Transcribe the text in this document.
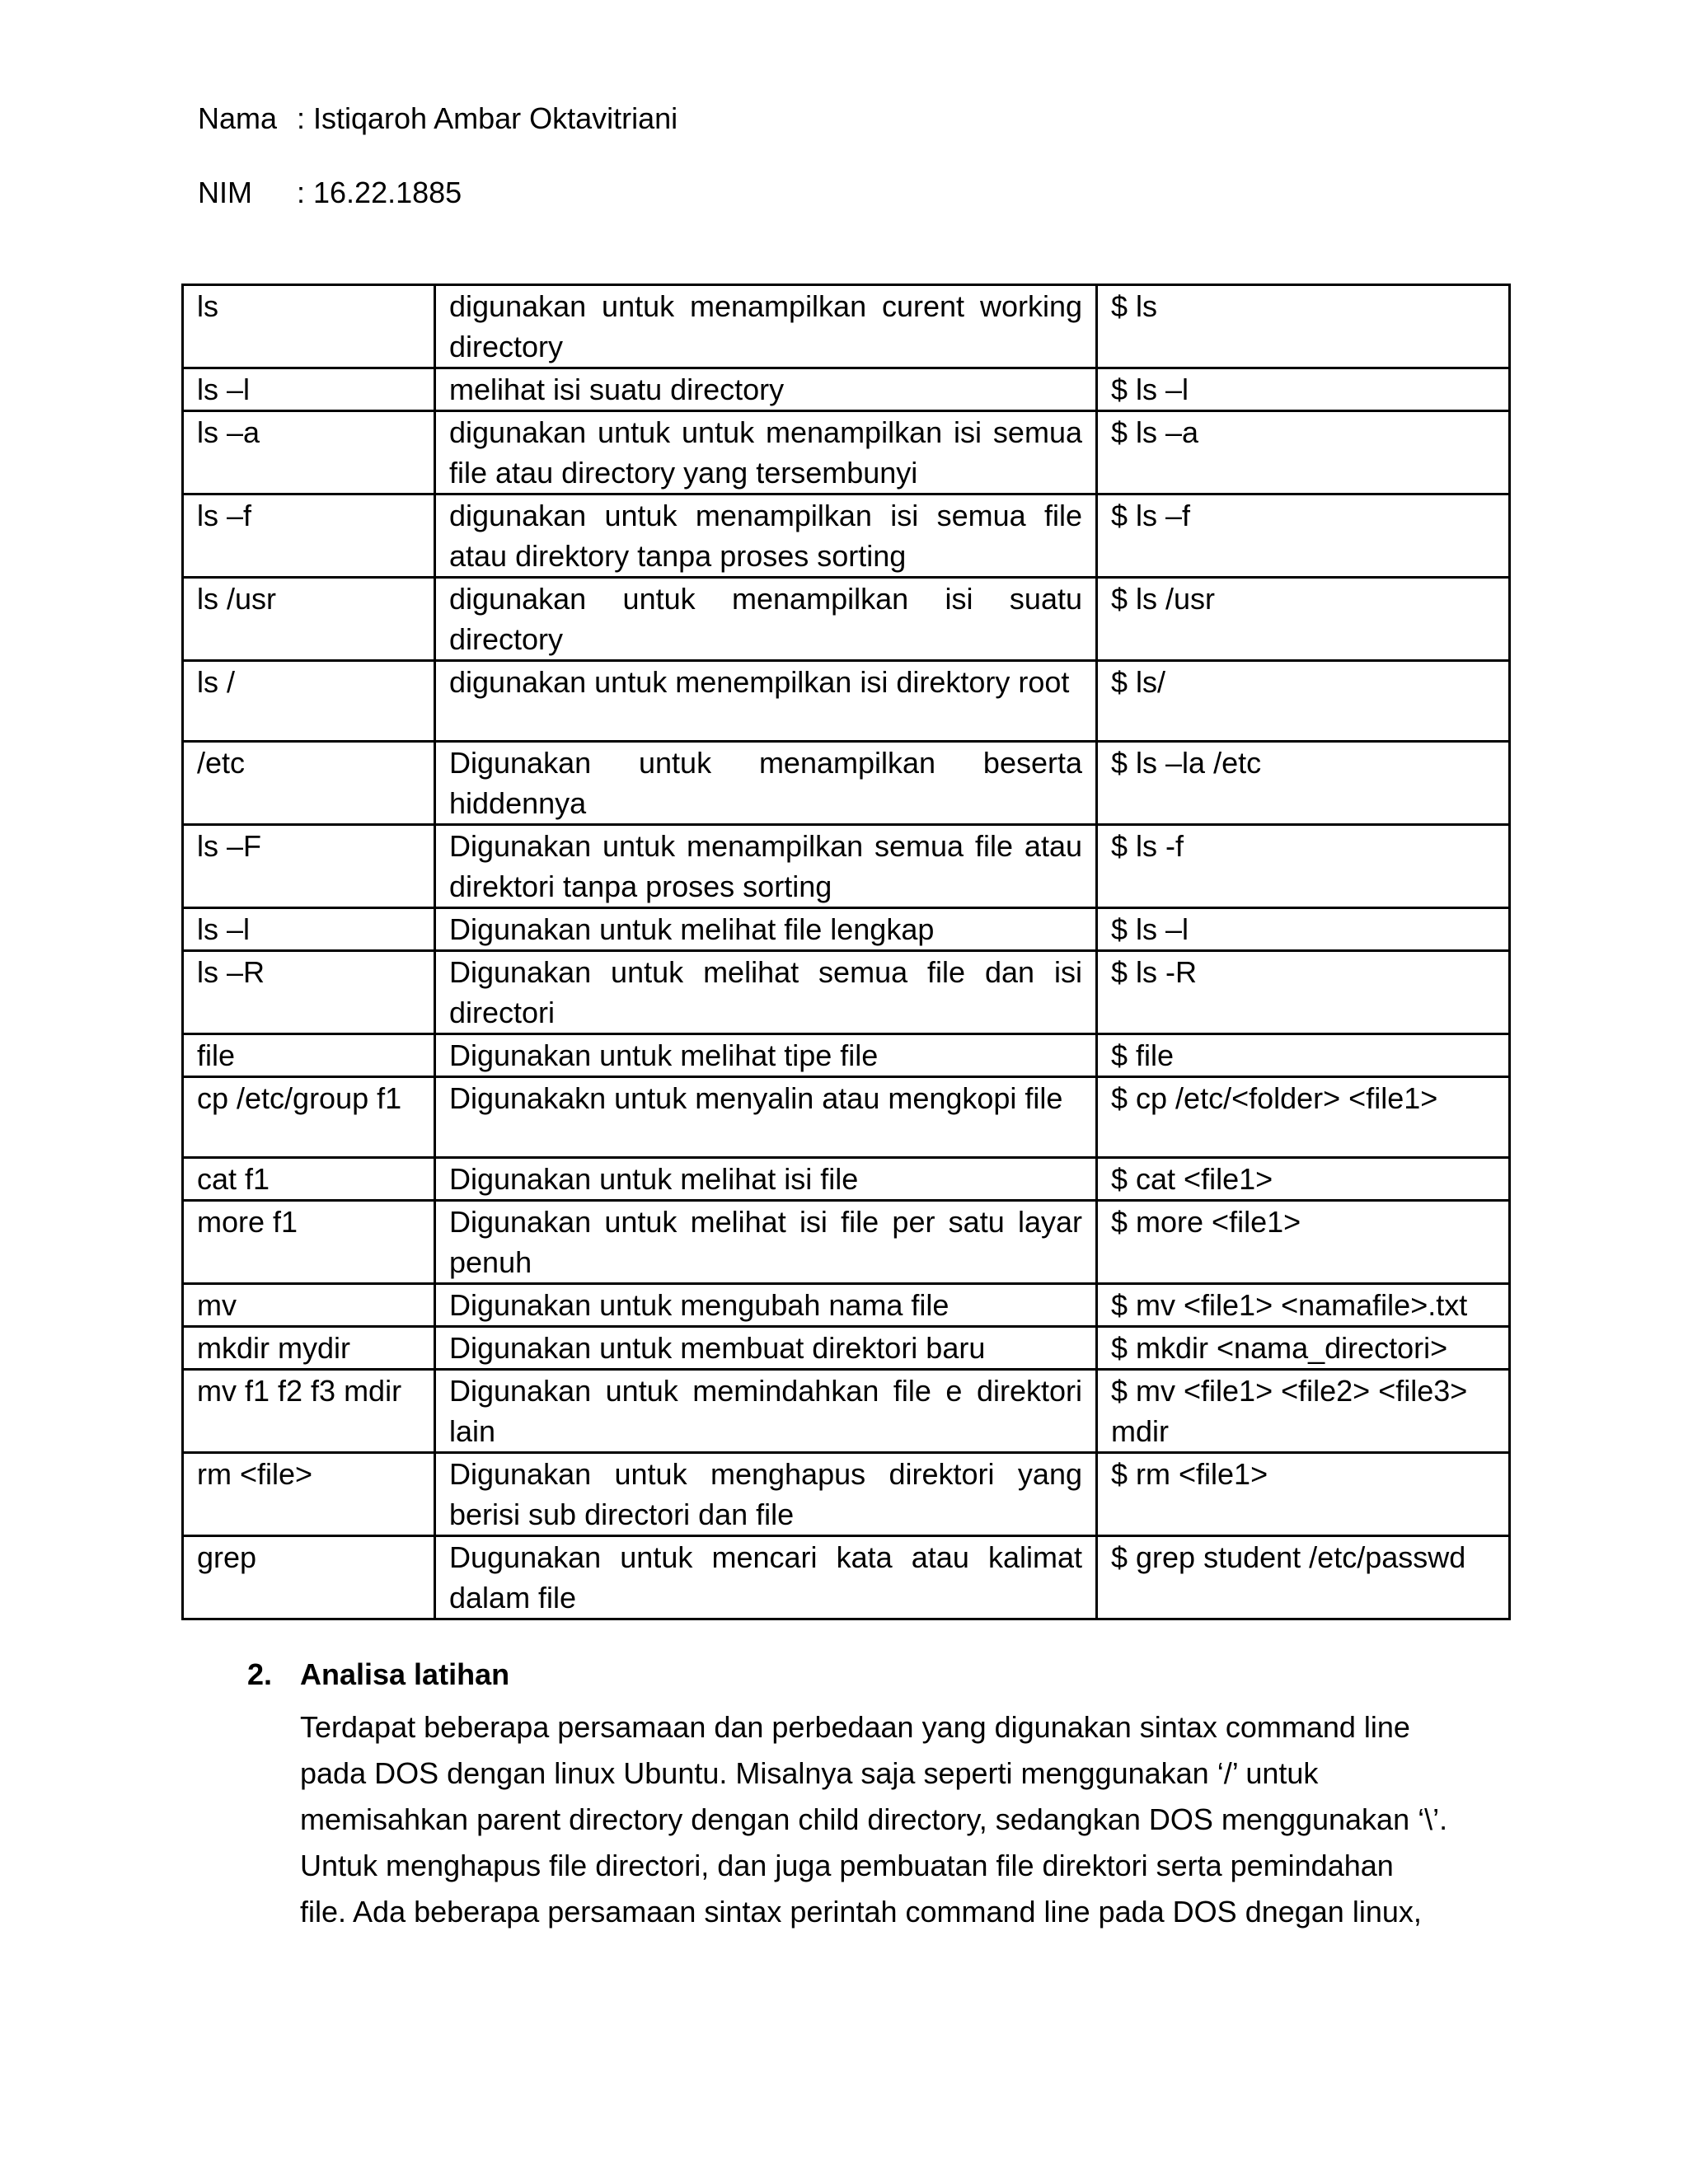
Nama : Istiqaroh Ambar Oktavitriani
NIM : 16.22.1885
ls	digunakan untuk menampilkan curent working directory	$ ls
ls –l	melihat isi suatu directory	$ ls –l
ls –a	digunakan untuk untuk menampilkan isi semua file atau directory yang tersembunyi	$ ls –a
ls –f	digunakan untuk menampilkan isi semua file atau direktory tanpa proses sorting	$ ls –f
ls /usr	digunakan untuk menampilkan isi suatu directory	$ ls /usr
ls /	digunakan untuk menempilkan isi direktory root	$ ls/
/etc	Digunakan untuk menampilkan beserta hiddennya	$ ls –la /etc
ls –F	Digunakan untuk menampilkan semua file atau direktori tanpa proses sorting	$ ls -f
ls –l	Digunakan untuk melihat file lengkap	$ ls –l
ls –R	Digunakan untuk melihat semua file dan isi directori	$ ls -R
file	Digunakan untuk melihat tipe file	$ file
cp /etc/group f1	Digunakakn untuk menyalin atau mengkopi file	$ cp /etc/<folder> <file1>
cat f1	Digunakan untuk melihat isi file	$ cat <file1>
more f1	Digunakan untuk melihat isi file per satu layar penuh	$ more <file1>
mv	Digunakan untuk mengubah nama file	$ mv <file1> <namafile>.txt
mkdir mydir	Digunakan untuk membuat direktori baru	$ mkdir <nama_directori>
mv f1 f2 f3 mdir	Digunakan untuk memindahkan file e direktori lain	$ mv <file1> <file2> <file3> mdir
rm <file>	Digunakan untuk menghapus direktori yang berisi sub directori dan file	$ rm <file1>
grep	Dugunakan untuk mencari kata atau kalimat dalam file	$ grep student /etc/passwd
2. Analisa latihan
Terdapat beberapa persamaan dan perbedaan yang digunakan sintax command line
pada DOS dengan linux Ubuntu. Misalnya saja seperti menggunakan ‘/’ untuk
memisahkan parent directory dengan child directory, sedangkan DOS menggunakan ‘\’.
Untuk menghapus file directori, dan juga pembuatan file direktori serta pemindahan
file. Ada beberapa persamaan sintax perintah command line pada DOS dnegan linux,
